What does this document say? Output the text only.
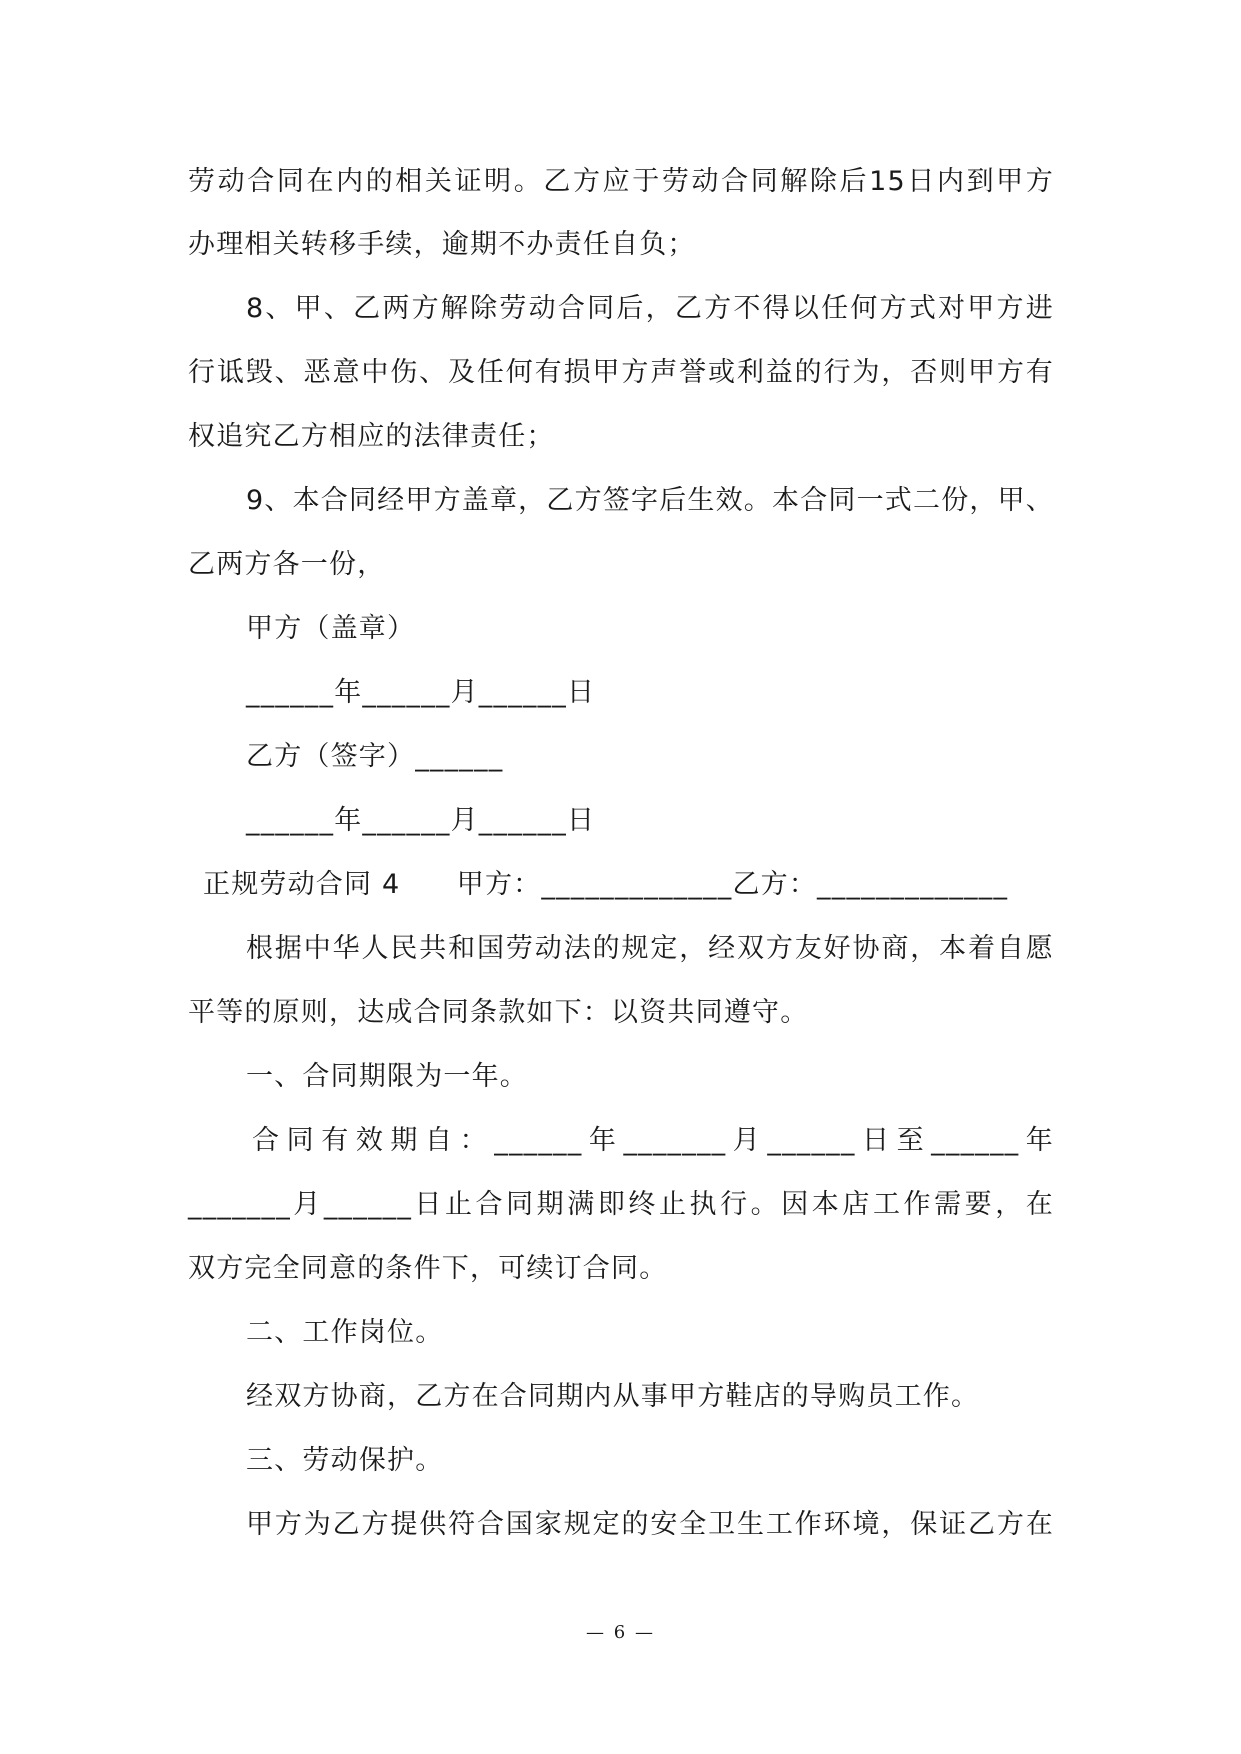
劳动合同在内的相关证明。乙方应于劳动合同解除后15日内到甲方

办理相关转移手续，逾期不办责任自负；

8、甲、乙两方解除劳动合同后，乙方不得以任何方式对甲方进

行诋毁、恶意中伤、及任何有损甲方声誉或利益的行为，否则甲方有

权追究乙方相应的法律责任；

9、本合同经甲方盖章，乙方签字后生效。本合同一式二份，甲、

乙两方各一份，

甲方（盖章）

______年______月______日

乙方（签字）______

______年______月______日

正规劳动合同 4　　甲方：_____________乙方：_____________

根据中华人民共和国劳动法的规定，经双方友好协商，本着自愿

平等的原则，达成合同条款如下：以资共同遵守。

一、合同期限为一年。

合同有效期自：______年_______月______日至______年

_______月______日止合同期满即终止执行。因本店工作需要，在

双方完全同意的条件下，可续订合同。

二、工作岗位。

经双方协商，乙方在合同期内从事甲方鞋店的导购员工作。

三、劳动保护。

甲方为乙方提供符合国家规定的安全卫生工作环境，保证乙方在

— 6 —
